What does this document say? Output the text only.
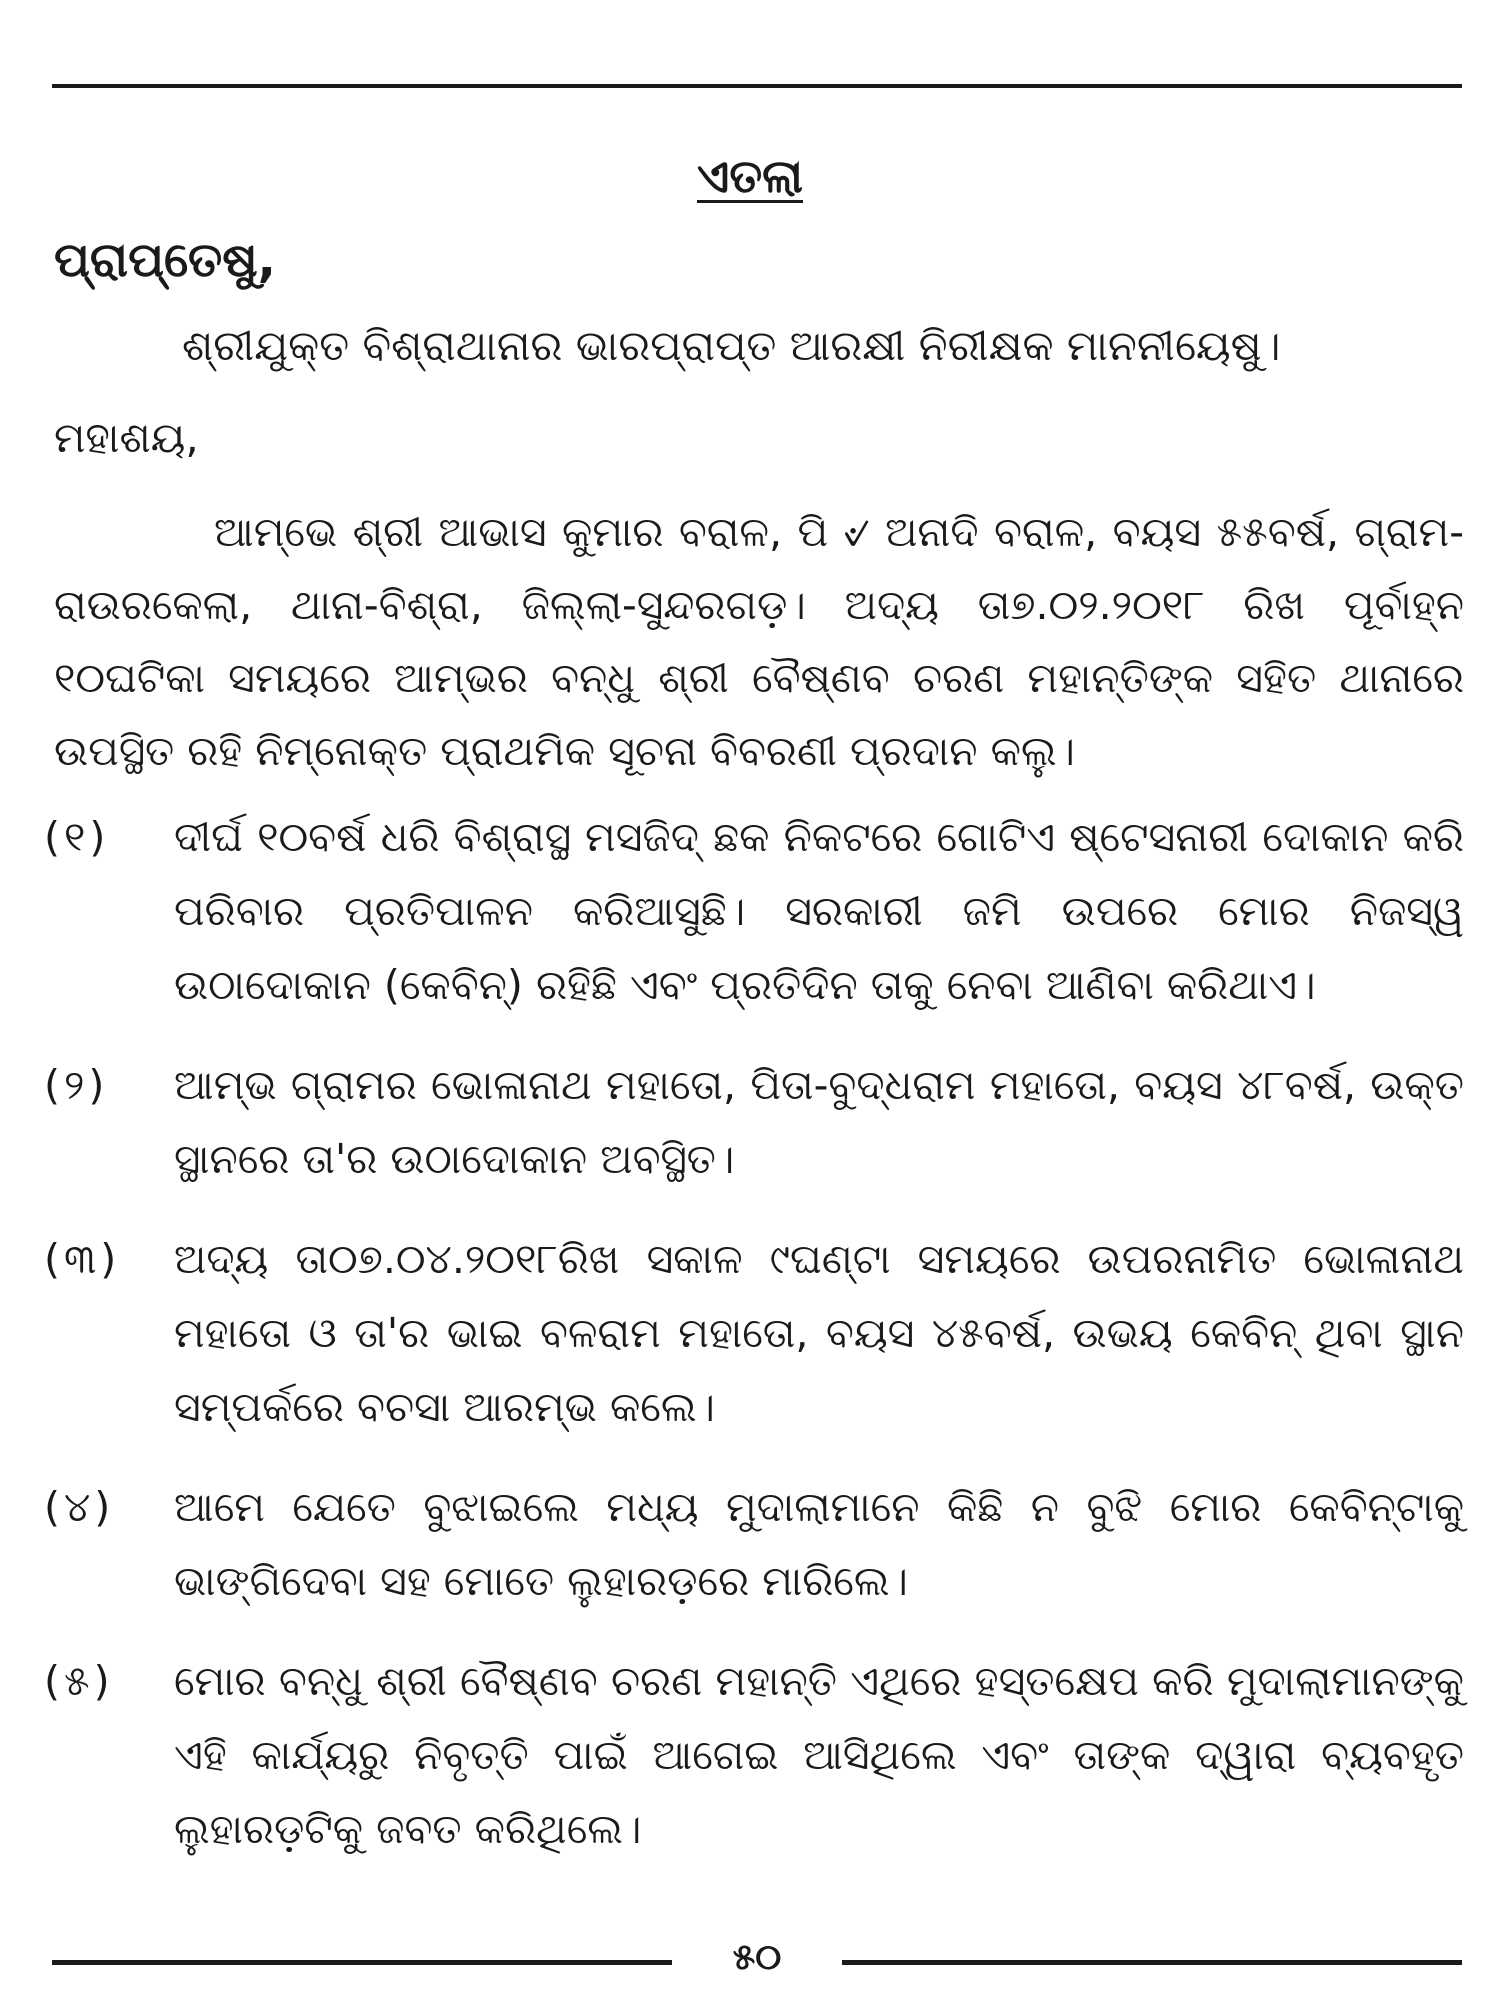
ଏତଲା
ପ୍ରାପ୍ତେଷୁ,
ଶ୍ରୀଯୁକ୍ତ ବିଶ୍ରାଥାନାର ଭାରପ୍ରାପ୍ତ ଆରକ୍ଷୀ ନିରୀକ୍ଷକ ମାନନୀୟେଷୁ।
ମହାଶୟ,
ଆମ୍ଭେ ଶ୍ରୀ ଆଭାସ କୁମାର ବରାଳ, ପି ୰ ଅନାଦି ବରାଳ, ବୟସ ୫୫ବର୍ଷ, ଗ୍ରାମ-ରାଉରକେଲା, ଥାନା-ବିଶ୍ରା, ଜିଲ୍ଲା-ସୁନ୍ଦରଗଡ଼। ଅଦ୍ୟ ତା୭.୦୨.୨୦୧୮ ରିଖ ପୂର୍ବାହ୍ନ ୧୦ଘଟିକା ସମୟରେ ଆମ୍ଭର ବନ୍ଧୁ ଶ୍ରୀ ବୈଷ୍ଣବ ଚରଣ ମହାନ୍ତିଙ୍କ ସହିତ ଥାନାରେ ଉପସ୍ଥିତ ରହି ନିମ୍ନୋକ୍ତ ପ୍ରାଥମିକ ସୂଚନା ବିବରଣୀ ପ୍ରଦାନ କଲୁ।
(୧)	ଦୀର୍ଘ ୧୦ବର୍ଷ ଧରି ବିଶ୍ରାସ୍ଥ ମସଜିଦ୍ ଛକ ନିକଟରେ ଗୋଟିଏ ଷ୍ଟେସନାରୀ ଦୋକାନ କରି ପରିବାର ପ୍ରତିପାଳନ କରିଆସୁଛି। ସରକାରୀ ଜମି ଉପରେ ମୋର ନିଜସ୍ୱ ଉଠାଦୋକାନ (କେବିନ୍) ରହିଛି ଏବଂ ପ୍ରତିଦିନ ତାକୁ ନେବା ଆଣିବା କରିଥାଏ।
(୨)	ଆମ୍ଭ ଗ୍ରାମର ଭୋଳାନାଥ ମହାତୋ, ପିତା-ବୁଦ୍ଧରାମ ମହାତୋ, ବୟସ ୪୮ବର୍ଷ, ଉକ୍ତ ସ୍ଥାନରେ ତା'ର ଉଠାଦୋକାନ ଅବସ୍ଥିତ।
(୩)	ଅଦ୍ୟ ତା୦୭.୦୪.୨୦୧୮ରିଖ ସକାଳ ୯ଘଣ୍ଟା ସମୟରେ ଉପରନାମିତ ଭୋଳାନାଥ ମହାତୋ ଓ ତା'ର ଭାଇ ବଳରାମ ମହାତୋ, ବୟସ ୪୫ବର୍ଷ, ଉଭୟ କେବିନ୍ ଥିବା ସ୍ଥାନ ସମ୍ପର୍କରେ ବଚସା ଆରମ୍ଭ କଲେ।
(୪)	ଆମେ ଯେତେ ବୁଝାଇଲେ ମଧ୍ୟ ମୁଦାଲାମାନେ କିଛି ନ ବୁଝି ମୋର କେବିନ୍‌ଟାକୁ ଭାଙ୍ଗିଦେବା ସହ ମୋତେ ଲୁହାରଡ଼ରେ ମାରିଲେ।
(୫)	ମୋର ବନ୍ଧୁ ଶ୍ରୀ ବୈଷ୍ଣବ ଚରଣ ମହାନ୍ତି ଏଥିରେ ହସ୍ତକ୍ଷେପ କରି ମୁଦାଲାମାନଙ୍କୁ ଏହି କାର୍ଯ୍ୟରୁ ନିବୃତ୍ତି ପାଇଁ ଆଗେଇ ଆସିଥିଲେ ଏବଂ ତାଙ୍କ ଦ୍ୱାରା ବ୍ୟବହୃତ ଲୁହାରଡ଼ଟିକୁ ଜବତ କରିଥିଲେ।
୫୦
